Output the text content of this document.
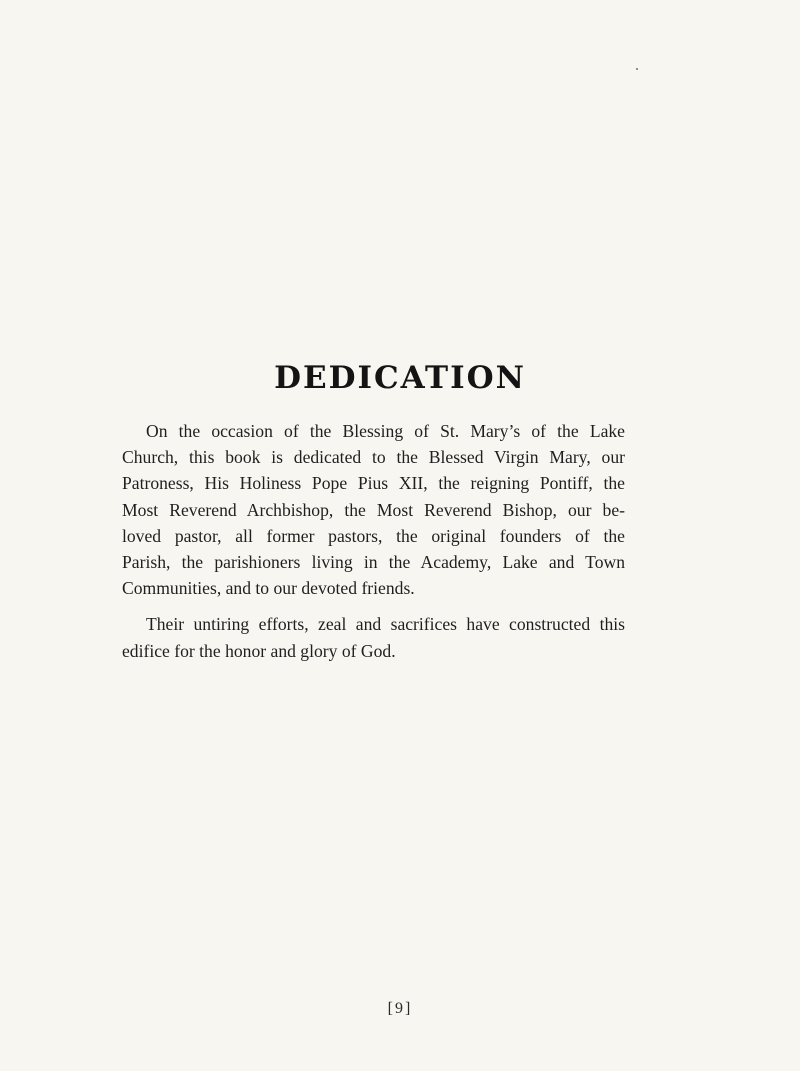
DEDICATION

On the occasion of the Blessing of St. Mary’s of the Lake
Church, this book is dedicated to the Blessed Virgin Mary, our
Patroness, His Holiness Pope Pius XII, the reigning Pontiff, the
Most Reverend Archbishop, the Most Reverend Bishop, our be-
loved pastor, all former pastors, the original founders of the
Parish, the parishioners living in the Academy, Lake and Town
Communities, and to our devoted friends.

Their untiring efforts, zeal and sacrifices have constructed this
edifice for the honor and glory of God.

[9]
